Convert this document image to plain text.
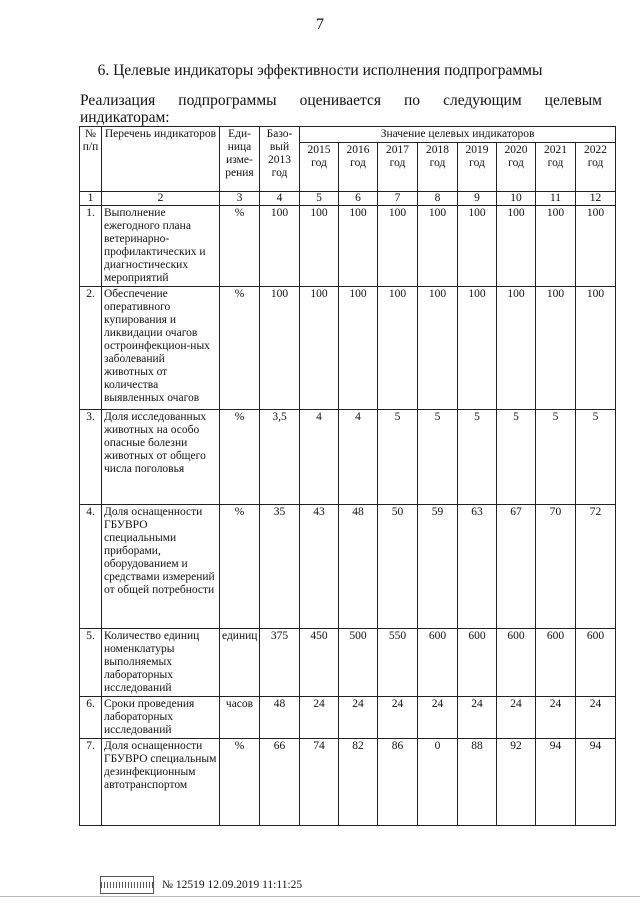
7
6. Целевые индикаторы эффективности исполнения подпрограммы
Реализация подпрограммы оценивается по следующим целевым
индикаторам:
№ п/п	Перечень индикаторов	Еди-ница изме-рения	Базо-вый 2013 год	Значение целевых индикаторов							
				2015 год	2016 год	2017 год	2018 год	2019 год	2020 год	2021 год	2022 год
1	2	3	4	5	6	7	8	9	10	11	12
1.	Выполнение ежегодного плана ветеринарно-профилактических и диагностических мероприятий	%	100	100	100	100	100	100	100	100	100
2.	Обеспечение оперативного купирования и ликвидации очагов остроинфекцион-ных заболеваний животных от количества выявленных очагов	%	100	100	100	100	100	100	100	100	100
3.	Доля исследованных животных на особо опасные болезни животных от общего числа поголовья	%	3,5	4	4	5	5	5	5	5	5
4.	Доля оснащенности ГБУВРО специальными приборами, оборудованием и средствами измерений от общей потребности	%	35	43	48	50	59	63	67	70	72
5.	Количество единиц номенклатуры выполняемых лабораторных исследований	единиц	375	450	500	550	600	600	600	600	600
6.	Сроки проведения лабораторных исследований	часов	48	24	24	24	24	24	24	24	24
7.	Доля оснащенности ГБУВРО специальным дезинфекционным автотранспортом	%	66	74	82	86	0	88	92	94	94
№ 12519 12.09.2019 11:11:25
